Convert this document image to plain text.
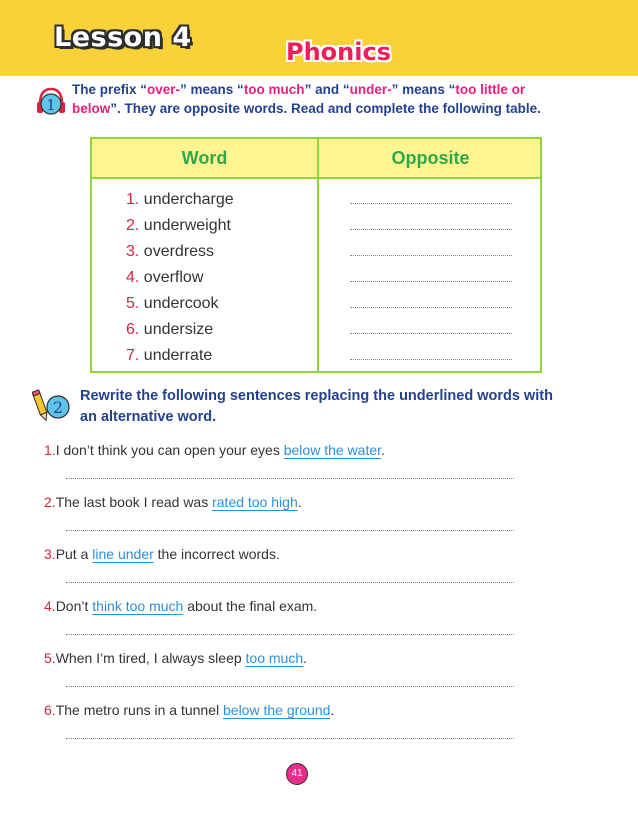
Lesson 4	Phonics
1
The prefix “over-” means “too much” and “under-” means “too little or below”. They are opposite words. Read and complete the following table.
Word	Opposite
1. undercharge
2. underweight
3. overdress
4. overflow
5. undercook
6. undersize
7. underrate
2
Rewrite the following sentences replacing the underlined words with an alternative word.
1.I don’t think you can open your eyes below the water.
2.The last book I read was rated too high.
3.Put a line under the incorrect words.
4.Don’t think too much about the final exam.
5.When I’m tired, I always sleep too much.
6.The metro runs in a tunnel below the ground.
41
